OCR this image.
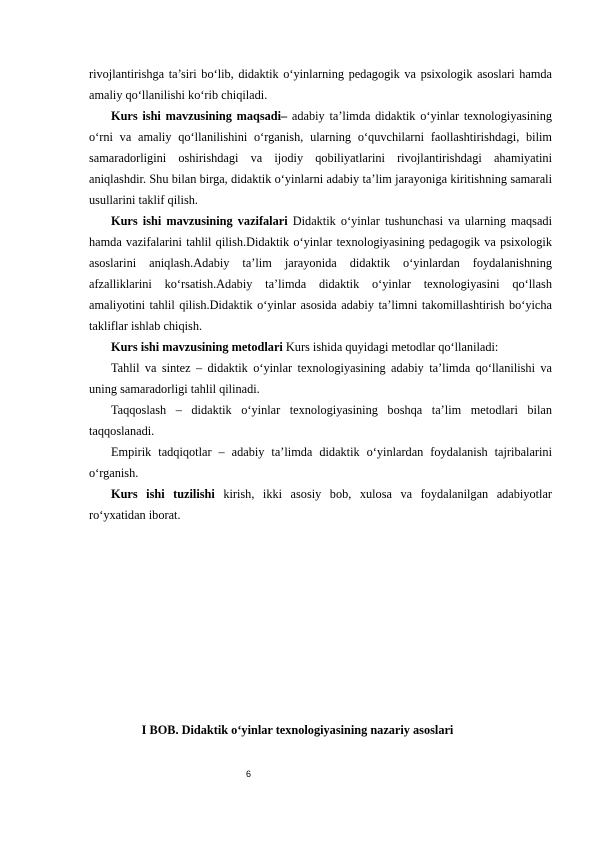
rivojlantirishga ta’siri bo‘lib, didaktik o‘yinlarning pedagogik va psixologik asoslari hamda amaliy qo‘llanilishi ko‘rib chiqiladi.

Kurs ishi mavzusining maqsadi– adabiy ta’limda didaktik o‘yinlar texnologiyasining o‘rni va amaliy qo‘llanilishini o‘rganish, ularning o‘quvchilarni faollashtirishdagi, bilim samaradorligini oshirishdagi va ijodiy qobiliyatlarini rivojlantirishdagi ahamiyatini aniqlashdir. Shu bilan birga, didaktik o‘yinlarni adabiy ta’lim jarayoniga kiritishning samarali usullarini taklif qilish.

Kurs ishi mavzusining vazifalari Didaktik o‘yinlar tushunchasi va ularning maqsadi hamda vazifalarini tahlil qilish.Didaktik o‘yinlar texnologiyasining pedagogik va psixologik asoslarini aniqlash.Adabiy ta’lim jarayonida didaktik o‘yinlardan foydalanishning afzalliklarini ko‘rsatish.Adabiy ta’limda didaktik o‘yinlar texnologiyasini qo‘llash amaliyotini tahlil qilish.Didaktik o‘yinlar asosida adabiy ta’limni takomillashtirish bo‘yicha takliflar ishlab chiqish.

Kurs ishi mavzusining metodlari Kurs ishida quyidagi metodlar qo‘llaniladi:

Tahlil va sintez – didaktik o‘yinlar texnologiyasining adabiy ta’limda qo‘llanilishi va uning samaradorligi tahlil qilinadi.

Taqqoslash – didaktik o‘yinlar texnologiyasining boshqa ta’lim metodlari bilan taqqoslanadi.

Empirik tadqiqotlar – adabiy ta’limda didaktik o‘yinlardan foydalanish tajribalarini o‘rganish.

Kurs ishi tuzilishi kirish, ikki asosiy bob, xulosa va foydalanilgan adabiyotlar ro‘yxatidan iborat.

I BOB. Didaktik o‘yinlar texnologiyasining nazariy asoslari
6
